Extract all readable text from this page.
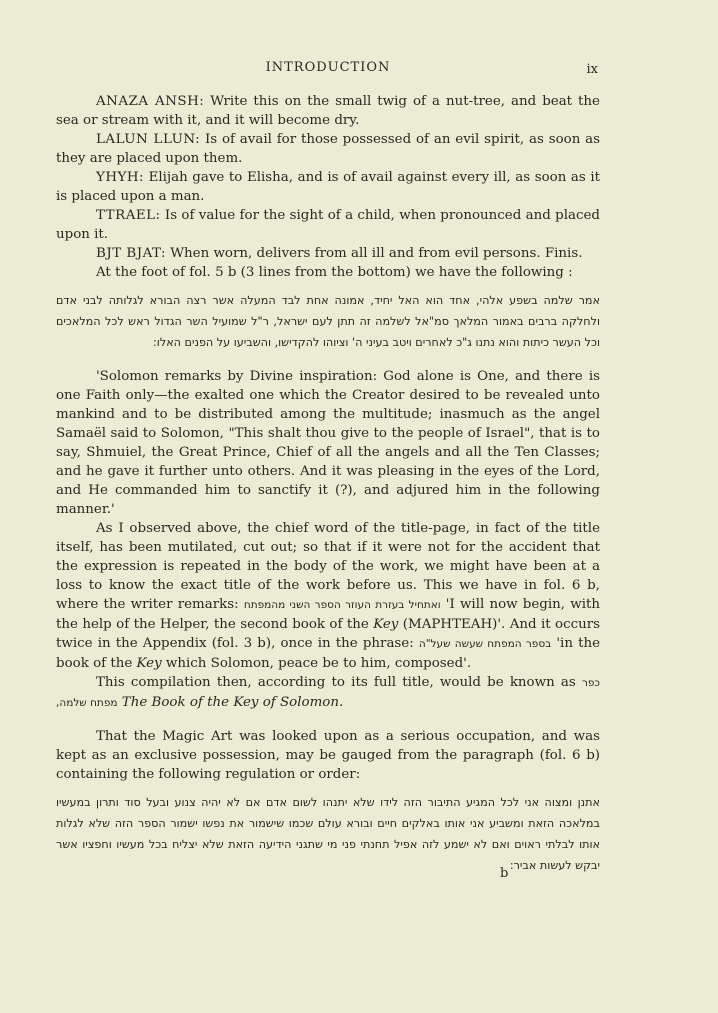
INTRODUCTION	ix

ANAZA ANSH: Write this on the small twig of a nut-tree, and beat the sea or stream with it, and it will become dry.

LALUN LLUN: Is of avail for those possessed of an evil spirit, as soon as they are placed upon them.

YHYH: Elijah gave to Elisha, and is of avail against every ill, as soon as it is placed upon a man.

TTRAEL: Is of value for the sight of a child, when pronounced and placed upon it.

BJT BJAT: When worn, delivers from all ill and from evil persons. Finis.

At the foot of fol. 5 b (3 lines from the bottom) we have the following :

אמר שלמה בשפע אלהי, אחד הוא האל יחיד, אמונה אחת לבד המעלה אשר רצה הבורא לגלותה לבני אדם ולחלקה ברבים באמור המלאך סמ"אל לשלמה זה תתן לעם ישראל, ר"ל שמועיל השר הגדול ראש לכל המלאכים וכל העשר כיתות והוא נתנו ג"כ לאחרים ויטב בעיני ה' וציוהו להקדישו, והשביעו על הפנים האלו:

'Solomon remarks by Divine inspiration: God alone is One, and there is one Faith only—the exalted one which the Creator desired to be revealed unto mankind and to be distributed among the multitude; inasmuch as the angel Samaël said to Solomon, "This shalt thou give to the people of Israel", that is to say, Shmuiel, the Great Prince, Chief of all the angels and all the Ten Classes; and he gave it further unto others. And it was pleasing in the eyes of the Lord, and He commanded him to sanctify it (?), and adjured him in the following manner.'

As I observed above, the chief word of the title-page, in fact of the title itself, has been mutilated, cut out; so that if it were not for the accident that the expression is repeated in the body of the work, we might have been at a loss to know the exact title of the work before us. This we have in fol. 6 b, where the writer remarks: ואתחיל בעזרת העוזר הספר השני מהמפתח 'I will now begin, with the help of the Helper, the second book of the Key (MAPHTEAH)'. And it occurs twice in the Appendix (fol. 3 b), once in the phrase: בספר המפתח שעשה שעל"ה 'in the book of the Key which Solomon, peace be to him, composed'.

This compilation then, according to its full title, would be known as כפר מפתח שלמה, The Book of the Key of Solomon.

That the Magic Art was looked upon as a serious occupation, and was kept as an exclusive possession, may be gauged from the paragraph (fol. 6 b) containing the following regulation or order:

אתנן ומצוה אני לכל המגיע התיבור הזה לידו שלא יתנהו לשום אדם אם לא יהיה צנוע ובעל סוד ותרון במעשיו במלאכה הזאת ומשביע אני אותו באלקים חיים ובורא עולם שכמו שישמור את נפשו ישמור הספר הזה שלא לגלות אותו לבלתי ראוים ואם לא ישמע לזה אפיל תחנתי פני מי שתגני הידיעה הזאת שלא יצליח בכל מעשיו וחפציו אשר יבקש לעשות אביר:

b
